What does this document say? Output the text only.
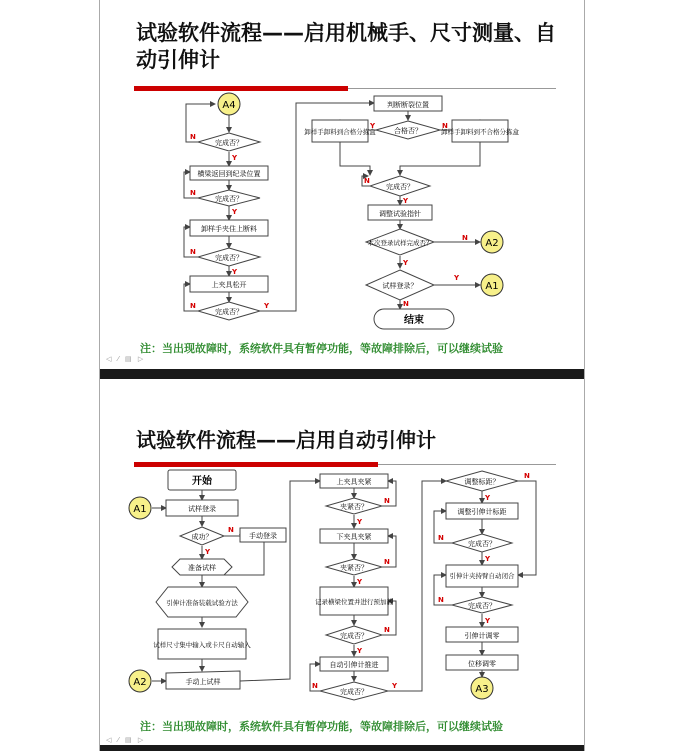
试验软件流程——启用机械手、尺寸测量、自动引伸计
A4
A2
A1
完成否？
完成否？
完成否？
完成否？
横梁返回到纪录位置
卸样手夹住上断料
上夹具松开
判断断裂位置
合格否？
卸样手卸料到合格分拣盒	卸样手卸料到不合格分拣盒
完成否？
调整试验指针
本次登录试样完成否？
试样登录？
结束
N
Y
N
Y
N
Y
N	Y
Y	N
N
Y
N
Y
Y
N
注：当出现故障时，系统软件具有暂停功能，等故障排除后，可以继续试验
◁ ⁄ ▤ ▷
试验软件流程——启用自动引伸计
开始
A1	试样登录
成功？	手动登录
准备试样
引伸计准备装载试验方法
试样尺寸集中输入或卡尺自动输入
A2	手动上试样
上夹具夹紧
夹紧否？
下夹具夹紧
夹紧否？
记录横梁位置并进行预加载
完成否？
自动引伸计推进
完成否？
调整标距？
调整引伸计标距
完成否？
引伸计夹持臂自动闭合
完成否？
引伸计调零
位移调零
A3
N
Y
N
Y
N
Y
N
Y
N	Y
N
Y
N
Y
N
Y
注：当出现故障时，系统软件具有暂停功能，等故障排除后，可以继续试验
◁ ⁄ ▤ ▷
